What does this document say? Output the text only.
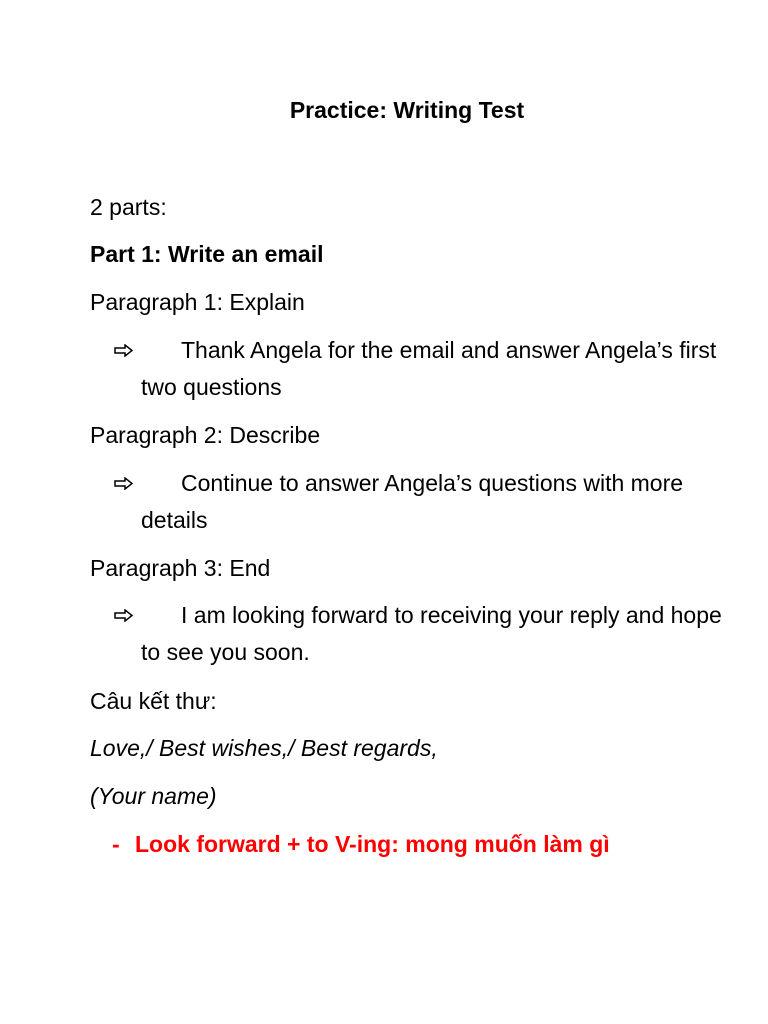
Practice: Writing Test
2 parts:
Part 1: Write an email
Paragraph 1: Explain
Thank Angela for the email and answer Angela’s first two questions
Paragraph 2: Describe
Continue to answer Angela’s questions with more details
Paragraph 3: End
I am looking forward to receiving your reply and hope to see you soon.
Câu kết thư:
Love,/ Best wishes,/ Best regards,
(Your name)
- Look forward + to V-ing: mong muốn làm gì
